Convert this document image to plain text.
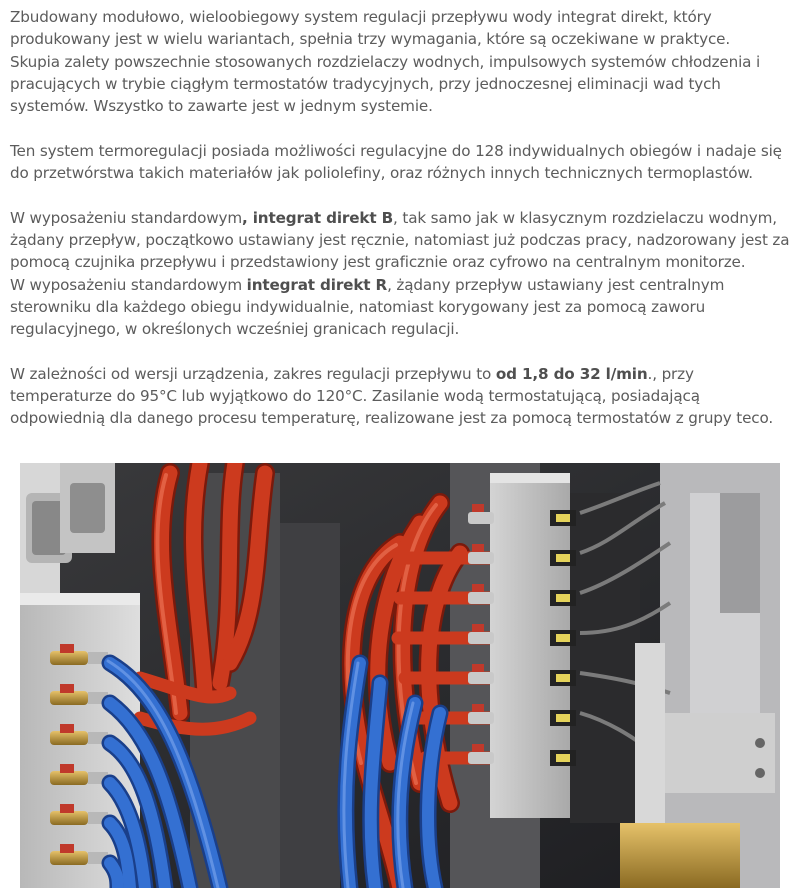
Zbudowany modułowo, wieloobiegowy system regulacji przepływu wody integrat direkt, który
produkowany jest w wielu wariantach, spełnia trzy wymagania, które są oczekiwane w praktyce.
Skupia zalety powszechnie stosowanych rozdzielaczy wodnych, impulsowych systemów chłodzenia i
pracujących w trybie ciągłym termostatów tradycyjnych, przy jednoczesnej eliminacji wad tych
systemów. Wszystko to zawarte jest w jednym systemie.
Ten system termoregulacji posiada możliwości regulacyjne do 128 indywidualnych obiegów i nadaje się
do przetwórstwa takich materiałów jak poliolefiny, oraz różnych innych technicznych termoplastów.
W wyposażeniu standardowym, integrat direkt B, tak samo jak w klasycznym rozdzielaczu wodnym,
żądany przepływ, początkowo ustawiany jest ręcznie, natomiast już podczas pracy, nadzorowany jest za
pomocą czujnika przepływu i przedstawiony jest graficznie oraz cyfrowo na centralnym monitorze.
W wyposażeniu standardowym integrat direkt R, żądany przepływ ustawiany jest centralnym
sterowniku dla każdego obiegu indywidualnie, natomiast korygowany jest za pomocą zaworu
regulacyjnego, w określonych wcześniej granicach regulacji.
W zależności od wersji urządzenia, zakres regulacji przepływu to od 1,8 do 32 l/min., przy
temperaturze do 95°C lub wyjątkowo do 120°C. Zasilanie wodą termostatującą, posiadającą
odpowiednią dla danego procesu temperaturę, realizowane jest za pomocą termostatów z grupy teco.
